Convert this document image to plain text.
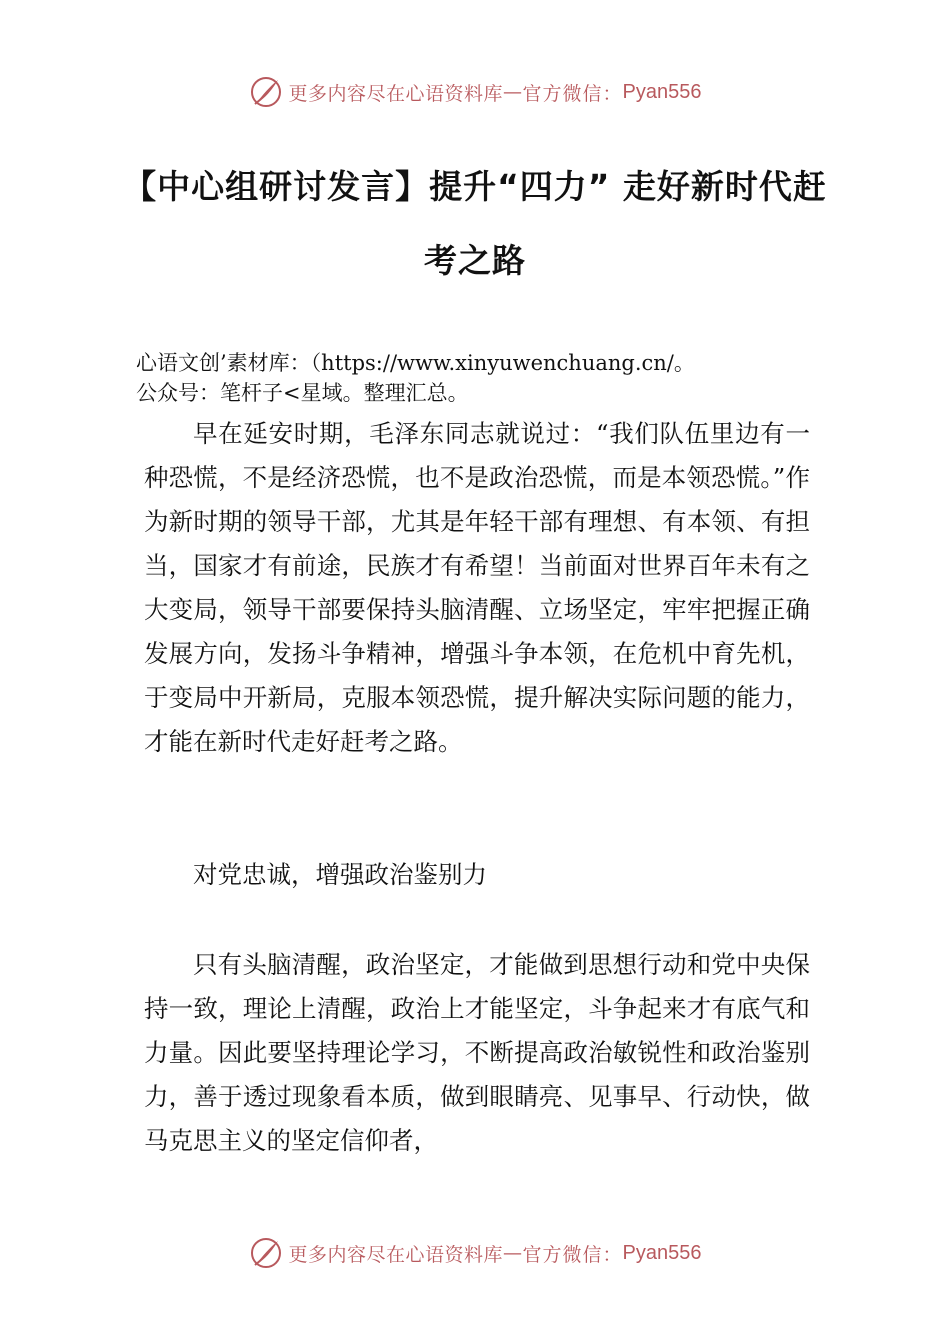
更多内容尽在心语资料库 — 官方微信： Pyan556
【中心组研讨发言】提升“四力” 走好新时代赶考之路
心语文创’素材库：（https://www.xinyuwenchuang.cn/。
公众号：笔杆子<星域。整理汇总。

早在延安时期，毛泽东同志就说过：“我们队伍里边有一种恐慌，不是经济恐慌，也不是政治恐慌，而是本领恐慌。”作为新时期的领导干部，尤其是年轻干部有理想、有本领、有担当，国家才有前途，民族才有希望！当前面对世界百年未有之大变局，领导干部要保持头脑清醒、立场坚定，牢牢把握正确发展方向，发扬斗争精神，增强斗争本领，在危机中育先机，于变局中开新局，克服本领恐慌，提升解决实际问题的能力，才能在新时代走好赶考之路。

对党忠诚，增强政治鉴别力

只有头脑清醒，政治坚定，才能做到思想行动和党中央保持一致，理论上清醒，政治上才能坚定，斗争起来才有底气和力量。因此要坚持理论学习，不断提高政治敏锐性和政治鉴别力，善于透过现象看本质，做到眼睛亮、见事早、行动快，做马克思主义的坚定信仰者，

更多内容尽在心语资料库 — 官方微信： Pyan556
